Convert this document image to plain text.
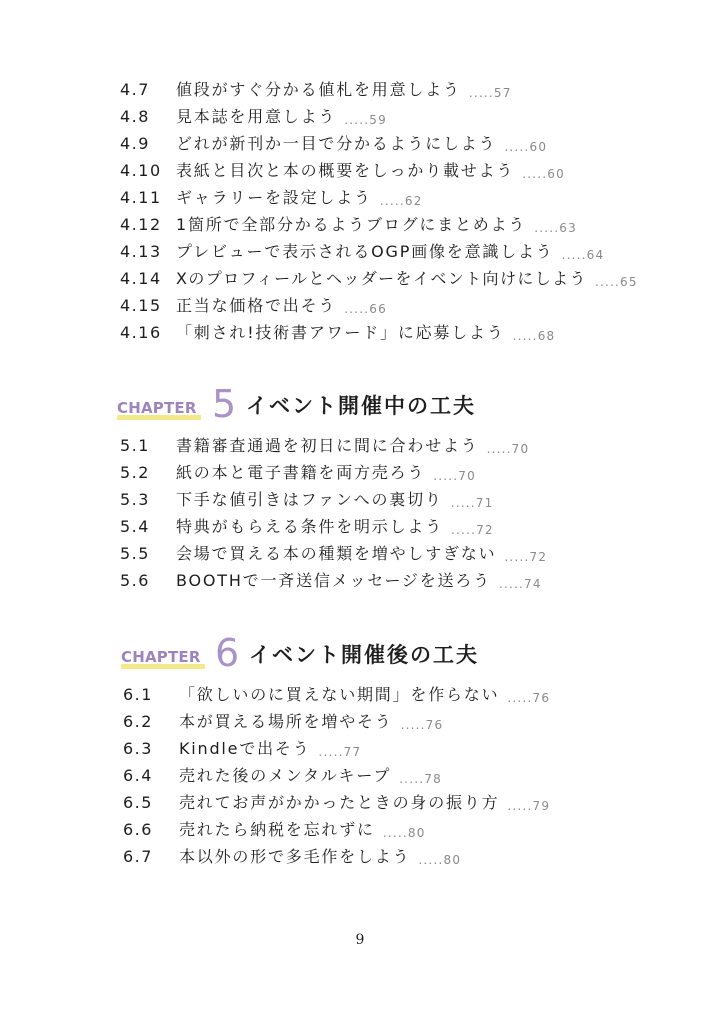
4.7 値段がすぐ分かる値札を用意しよう .....57
4.8 見本誌を用意しよう .....59
4.9 どれが新刊か一目で分かるようにしよう .....60
4.10 表紙と目次と本の概要をしっかり載せよう .....60
4.11 ギャラリーを設定しよう .....62
4.12 1箇所で全部分かるようブログにまとめよう .....63
4.13 プレビューで表示されるOGP画像を意識しよう .....64
4.14 Xのプロフィールとヘッダーをイベント向けにしよう .....65
4.15 正当な価格で出そう .....66
4.16 「刺され!技術書アワード」に応募しよう .....68
CHAPTER 5 イベント開催中の工夫
5.1 書籍審査通過を初日に間に合わせよう .....70
5.2 紙の本と電子書籍を両方売ろう .....70
5.3 下手な値引きはファンへの裏切り .....71
5.4 特典がもらえる条件を明示しよう .....72
5.5 会場で買える本の種類を増やしすぎない .....72
5.6 BOOTHで一斉送信メッセージを送ろう .....74
CHAPTER 6 イベント開催後の工夫
6.1 「欲しいのに買えない期間」を作らない .....76
6.2 本が買える場所を増やそう .....76
6.3 Kindleで出そう .....77
6.4 売れた後のメンタルキープ .....78
6.5 売れてお声がかかったときの身の振り方 .....79
6.6 売れたら納税を忘れずに .....80
6.7 本以外の形で多毛作をしよう .....80
9
